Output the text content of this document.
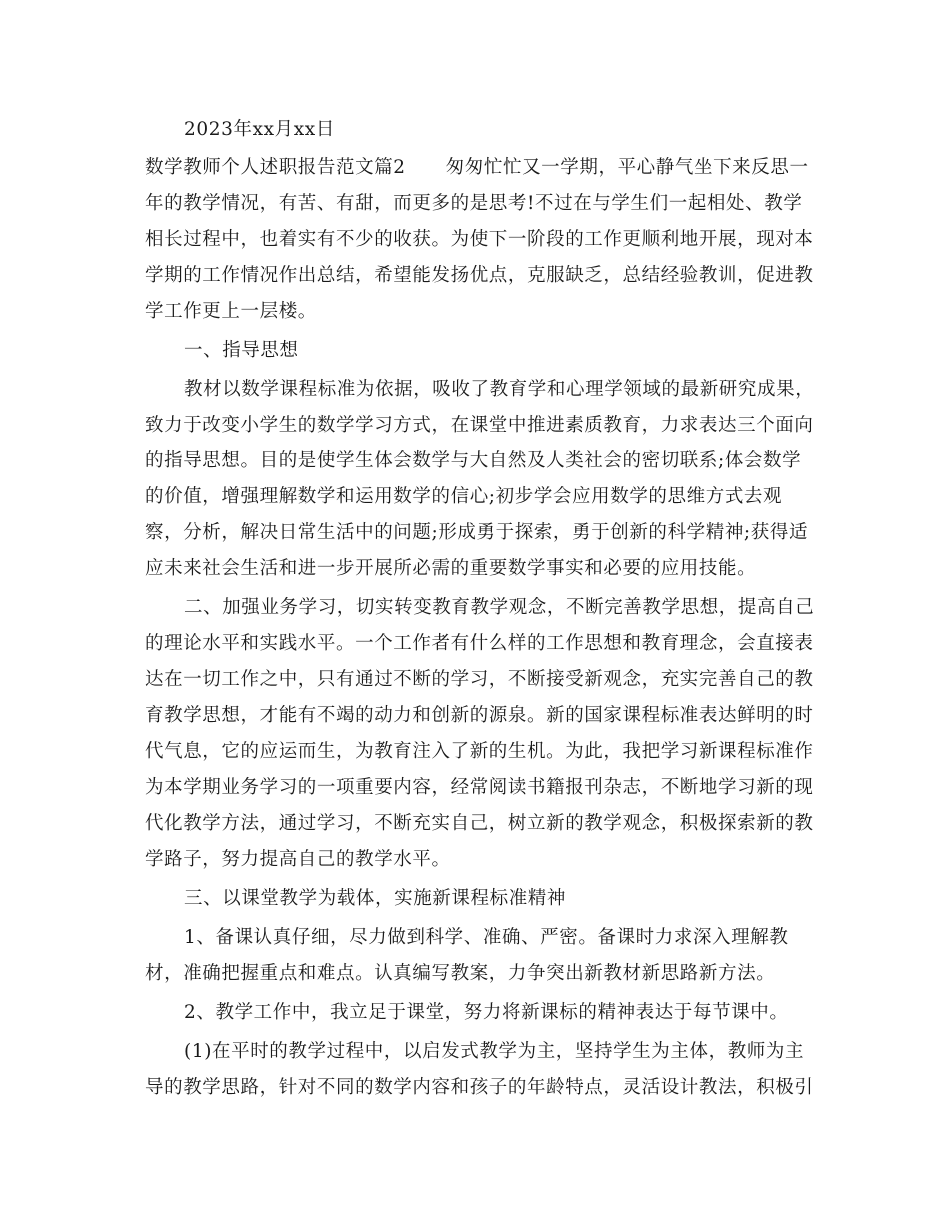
2023年xx月xx日

数学教师个人述职报告范文篇2 匆匆忙忙又一学期，平心静气坐下来反思一

年的教学情况，有苦、有甜，而更多的是思考!不过在与学生们一起相处、教学

相长过程中，也着实有不少的收获。为使下一阶段的工作更顺利地开展，现对本

学期的工作情况作出总结，希望能发扬优点，克服缺乏，总结经验教训，促进教

学工作更上一层楼。

一、指导思想

教材以数学课程标准为依据，吸收了教育学和心理学领域的最新研究成果，

致力于改变小学生的数学学习方式，在课堂中推进素质教育，力求表达三个面向

的指导思想。目的是使学生体会数学与大自然及人类社会的密切联系;体会数学

的价值，增强理解数学和运用数学的信心;初步学会应用数学的思维方式去观

察，分析，解决日常生活中的问题;形成勇于探索，勇于创新的科学精神;获得适

应未来社会生活和进一步开展所必需的重要数学事实和必要的应用技能。

二、加强业务学习，切实转变教育教学观念，不断完善教学思想，提高自己

的理论水平和实践水平。一个工作者有什么样的工作思想和教育理念，会直接表

达在一切工作之中，只有通过不断的学习，不断接受新观念，充实完善自己的教

育教学思想，才能有不竭的动力和创新的源泉。新的国家课程标准表达鲜明的时

代气息，它的应运而生，为教育注入了新的生机。为此，我把学习新课程标准作

为本学期业务学习的一项重要内容，经常阅读书籍报刊杂志，不断地学习新的现

代化教学方法，通过学习，不断充实自己，树立新的教学观念，积极探索新的教

学路子，努力提高自己的教学水平。

三、以课堂教学为载体，实施新课程标准精神

1、备课认真仔细，尽力做到科学、准确、严密。备课时力求深入理解教

材，准确把握重点和难点。认真编写教案，力争突出新教材新思路新方法。

2、教学工作中，我立足于课堂，努力将新课标的精神表达于每节课中。

(1)在平时的教学过程中，以启发式教学为主，坚持学生为主体，教师为主

导的教学思路，针对不同的数学内容和孩子的年龄特点，灵活设计教法，积极引
